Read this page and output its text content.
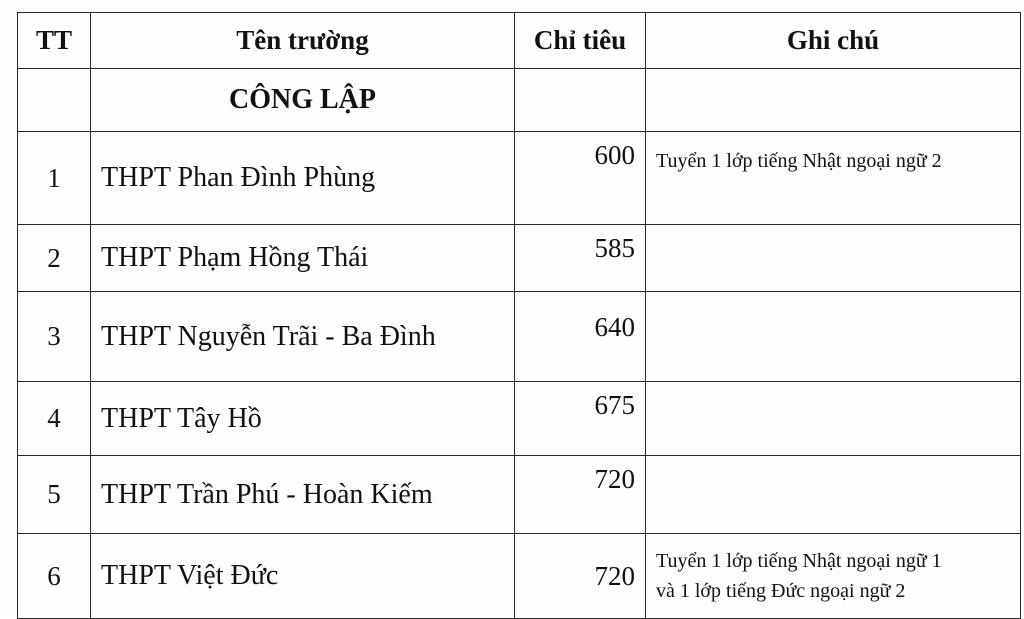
TT	Tên trường	Chỉ tiêu	Ghi chú
	CÔNG LẬP		
1	THPT Phan Đình Phùng	600	Tuyển 1 lớp tiếng Nhật ngoại ngữ 2

2	THPT Phạm Hồng Thái	585	
3	THPT Nguyễn Trãi - Ba Đình	640	
4	THPT Tây Hồ	675	
5	THPT Trần Phú - Hoàn Kiếm	720	
6	THPT Việt Đức	720	Tuyển 1 lớp tiếng Nhật ngoại ngữ 1
và 1 lớp tiếng Đức ngoại ngữ 2
